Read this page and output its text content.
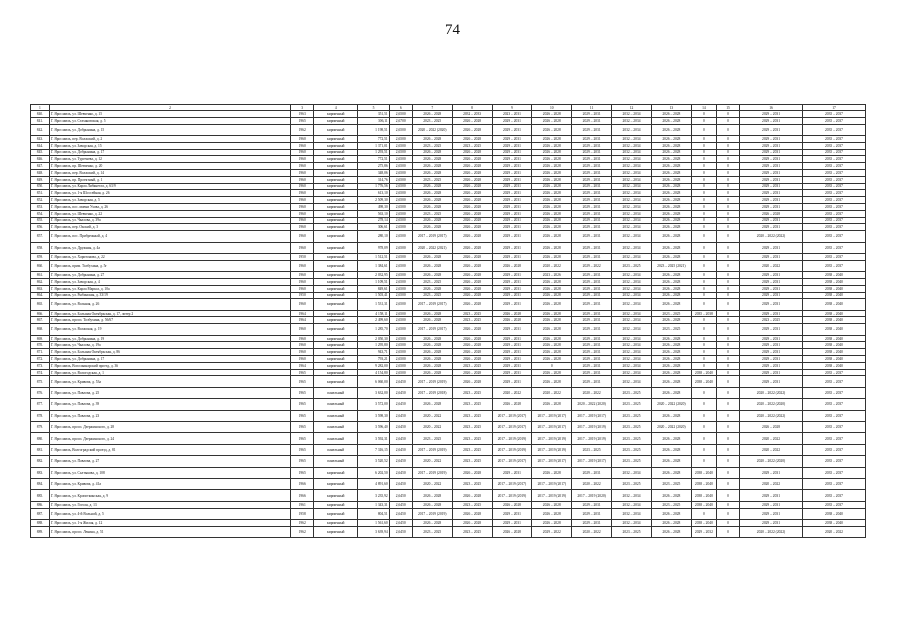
74
1	2	3	4	5	6	7	8	9	10	11	12	13	14	15	16	17
840.	Г. Ярославль, ул. Шевченко, д. 15	1963	кирпичный	351,51	2,6500	2026 – 2028	2032 – 2033	2023 – 2031	2026 – 2028	2029 – 2031	2032 – 2034	2026 – 2028	0	0	2029 – 2031	2035 – 2037
841.	Г. Ярославль, ул. Стахановская, д. 5	1965	кирпичный	306,11	2,6700	2023 – 2025	2026 – 2028	2029 – 2031	2026 – 2028	2029 – 2031	2032 – 2034	2026 – 2028	0	0	2029 – 2031	2035 – 2037
842.	Г. Ярославль, ул. Добрынина, д. 15	1962	кирпичный	1 198,51	2,6500	2020 – 2022 (2020)	2026 – 2028	2029 – 2031	2026 – 2028	2029 – 2031	2032 – 2034	2026 – 2028	0	0	2029 – 2031	2035 – 2037
843.	Г. Ярославль, пер. Волжский, д. 2	1960	кирпичный	772,51	2,6500	2026 – 2028	2026 – 2028	2029 – 2031	2026 – 2028	2029 – 2031	2032 – 2034	2026 – 2028	0	0	2029 – 2031	2035 – 2037
844.	Г. Ярославль, ул. Заводская, д. 15	1960	кирпичный	1 371,01	2,6500	2023 – 2025	2023 – 2025	2029 – 2031	2026 – 2028	2029 – 2031	2032 – 2034	2026 – 2028	0	0	2029 – 2031	2035 – 2037
845.	Г. Ярославль, ул. Добрынина, д. 17	1960	кирпичный	1 293,51	2,6500	2026 – 2028	2026 – 2028	2029 – 2031	2026 – 2028	2029 – 2031	2032 – 2034	2026 – 2028	0	0	2029 – 2031	2035 – 2037
846.	Г. Ярославль, ул. Тургенева, д. 12	1960	кирпичный	772,51	2,6500	2026 – 2028	2026 – 2028	2029 – 2031	2026 – 2028	2029 – 2031	2032 – 2034	2026 – 2028	0	0	2029 – 2031	2035 – 2037
847.	Г. Ярославль, пр. Шевченко, д. 20	1960	кирпичный	275,86	2,6500	2026 – 2028	2026 – 2028	2029 – 2031	2026 – 2028	2029 – 2031	2032 – 2034	2026 – 2028	0	0	2029 – 2031	2035 – 2037
848.	Г. Ярославль, пер. Волжский, д. 14	1960	кирпичный	348,06	2,6500	2026 – 2028	2026 – 2028	2029 – 2031	2026 – 2028	2029 – 2031	2032 – 2034	2026 – 2028	0	0	2029 – 2031	2035 – 2037
849.	Г. Ярославль, пр. Проектный, д. 1	1960	кирпичный	314,76	2,6500	2023 – 2025	2026 – 2028	2029 – 2031	2026 – 2028	2029 – 2031	2032 – 2034	2026 – 2028	0	0	2029 – 2031	2035 – 2037
850.	Г. Ярославль, ул. Карла Либкнехта, д. 63/9	1960	кирпичный	1 776,56	2,6500	2026 – 2028	2026 – 2028	2029 – 2031	2026 – 2028	2029 – 2031	2032 – 2034	2026 – 2028	0	0	2029 – 2031	2035 – 2037
851.	Г. Ярославль, ул. 1-я Шоссейная, д. 26	1960	кирпичный	613,10	2,6500	2026 – 2028	2026 – 2028	2029 – 2031	2026 – 2028	2029 – 2031	2032 – 2034	2026 – 2028	0	0	2029 – 2031	2035 – 2037
852.	Г. Ярославль, ул. Заводская, д. 5	1960	кирпичный	2 509,30	2,6500	2026 – 2028	2026 – 2028	2029 – 2031	2026 – 2028	2029 – 2031	2032 – 2034	2026 – 2028	0	0	2029 – 2031	2035 – 2037
853.	Г. Ярославль, пос. имени Ухова, д. 26	1960	кирпичный	498,30	2,6500	2026 – 2028	2026 – 2028	2029 – 2031	2026 – 2028	2029 – 2031	2032 – 2034	2026 – 2028	0	0	2029 – 2031	2035 – 2037
854.	Г. Ярославль, ул. Шевченко, д. 22	1960	кирпичный	563,10	2,6500	2023 – 2025	2026 – 2028	2029 – 2031	2026 – 2028	2029 – 2031	2032 – 2034	2026 – 2028	0	0	2026 – 2028	2035 – 2037
855.	Г. Ярославль, ул. Чкалова, д. 39а	1960	кирпичный	278,14	2,6500	2026 – 2028	2026 – 2028	2029 – 2031	2026 – 2028	2029 – 2031	2032 – 2034	2026 – 2028	0	0	2029 – 2031	2035 – 2037
856.	Г. Ярославль, пер. Окский, д. 3	1960	кирпичный	306,61	2,6500	2026 – 2028	2026 – 2028	2029 – 2031	2026 – 2028	2029 – 2031	2032 – 2034	2026 – 2028	0	0	2029 – 2031	2035 – 2037
857.	Г. Ярославль, пос. Прибрежный, д. 4	1960	кирпичный	280,10	2,6500	2017 – 2019 (2017)	2026 – 2028	2029 – 2031	2026 – 2028	2029 – 2031	2032 – 2034	2026 – 2028	0	0	2020 – 2022 (2022)	2035 – 2037
858.	Г. Ярославль, ул. Дружная, д. 4а	1960	кирпичный	978,09	2,6500	2020 – 2022 (2021)	2026 – 2028	2029 – 2031	2026 – 2028	2029 – 2031	2032 – 2034	2026 – 2028	0	0	2029 – 2031	2035 – 2037
859.	Г. Ярославль, ул. Харитонова, д. 22	1950	кирпичный	1 512,51	2,6500	2026 – 2028	2026 – 2028	2029 – 2031	2026 – 2028	2029 – 2031	2032 – 2034	2026 – 2028	0	0	2029 – 2031	2035 – 2037
860.	Г. Ярославль, прим. Толбухина, д. 5г	1960	кирпичный	1 384,61	2,6500	2026 – 2028	2026 – 2028	2026 – 2028	2020 – 2022	2029 – 2022	2023 – 2025	2023 – 2025 (2021)	0	0	2020 – 2022	2035 – 2037
861.	Г. Ярославль, ул. Добрынина, д. 27	1960	кирпичный	2 032,95	2,6500	2026 – 2028	2026 – 2028	2029 – 2031	2023 – 2026	2029 – 2031	2032 – 2034	2026 – 2028	0	0	2029 – 2031	2038 – 2040
862.	Г. Ярославль, ул. Заводская, д. 4	1960	кирпичный	1 109,51	2,6500	2023 – 2025	2026 – 2028	2029 – 2031	2026 – 2028	2029 – 2031	2032 – 2034	2026 – 2028	0	0	2029 – 2031	2038 – 2040
863.	Г. Ярославль, ул. Карла Маркса, д. 10а	1960	кирпичный	849,61	2,6500	2026 – 2028	2026 – 2028	2029 – 2031	2026 – 2028	2029 – 2031	2032 – 2034	2026 – 2028	0	0	2029 – 2031	2038 – 2040
864.	Г. Ярославль, ул. Рыбинская, д. 33/19	1950	кирпичный	1 503,41	2,6500	2023 – 2025	2026 – 2028	2029 – 2031	2026 – 2028	2029 – 2031	2032 – 2034	2026 – 2028	0	0	2029 – 2031	2038 – 2040
865.	Г. Ярославль, ул. Вольная, д. 26	1960	кирпичный	1 531,31	2,6500	2017 – 2019 (2017)	2026 – 2028	2029 – 2031	2026 – 2028	2029 – 2031	2032 – 2034	2026 – 2028	0	0	2029 – 2031	2038 – 2040
866.	Г. Ярославль, ул. Большая Октябрьская, д. 17, литер 2	1964	кирпичный	4 158,11	2,6500	2026 – 2028	2023 – 2025	2026 – 2028	2026 – 2028	2029 – 2031	2032 – 2034	2023 – 2025	2035 – 2038	0	2029 – 2031	2038 – 2040
867.	Г. Ярославль, просп. Толбухина, д. 56/67	1964	кирпичный	2 499,60	2,6500	2026 – 2028	2023 – 2025	2026 – 2028	2026 – 2028	2029 – 2031	2032 – 2034	2026 – 2028	0	0	2023 – 2025	2038 – 2040
868.	Г. Ярославль, ул. Волжская, д. 19	1960	кирпичный	1 285,70	2,6500	2017 – 2019 (2017)	2026 – 2028	2029 – 2031	2026 – 2028	2029 – 2031	2032 – 2034	2023 – 2025	0	0	2029 – 2031	2038 – 2040
869.	Г. Ярославль, ул. Добрынина, д. 19	1960	кирпичный	2 050,30	2,6500	2026 – 2028	2026 – 2028	2029 – 2031	2026 – 2028	2029 – 2031	2032 – 2034	2026 – 2028	0	0	2029 – 2031	2038 – 2040
870.	Г. Ярославль, ул. Чкалова, д. 19а	1960	кирпичный	1 295,80	2,6500	2026 – 2028	2026 – 2028	2029 – 2031	2026 – 2028	2029 – 2031	2032 – 2034	2026 – 2028	0	0	2029 – 2031	2038 – 2040
871.	Г. Ярославль, ул. Большая Октябрьская, д. 86	1960	кирпичный	943,71	2,6500	2026 – 2028	2026 – 2028	2029 – 2031	2026 – 2028	2029 – 2031	2032 – 2034	2026 – 2028	0	0	2029 – 2031	2038 – 2040
872.	Г. Ярославль, ул. Добрынина, д. 17	1960	кирпичный	793,21	2,6500	2026 – 2028	2026 – 2028	2029 – 2031	2026 – 2028	2029 – 2031	2032 – 2034	2026 – 2028	0	0	2029 – 2031	2038 – 2040
873.	Г. Ярославль, Вспольинарский проезд, д. 36	1964	кирпичный	9 282,00	2,6500	2026 – 2028	2023 – 2025	2029 – 2031	0	2029 – 2031	2032 – 2034	2026 – 2028	0	0	2029 – 2031	2038 – 2040
874.	Г. Ярославль, ул. Вологодская, д. 1	1965	кирпичный	4 154,80	2,6500	2026 – 2028	2026 – 2028	2029 – 2031	2026 – 2028	2029 – 2031	2032 – 2034	2026 – 2028	2038 – 2040	0	2029 – 2031	2035 – 2037
875.	Г. Ярославль, ул. Кривова, д. 53а	1965	кирпичный	6 060,00	2,6450	2017 – 2019 (2019)	2026 – 2028	2029 – 2031	2026 – 2028	2029 – 2031	2032 – 2034	2026 – 2028	2038 – 2040	0	2029 – 2031	2035 – 2037
876.	Г. Ярославль, ул. Павлова, д. 25	1965	панельный	3 632,00	2,6450	2017 – 2019 (2018)	2023 – 2025	2020 – 2022	2020 – 2022	2020 – 2022	2023 – 2025	2026 – 2028	0	0	2020 – 2022 (2022)	2035 – 2037
877.	Г. Ярославль, ул. Павлова, д. 39	1965	панельный	3 572,00	2,6450	2026 – 2028	2023 – 2025	2026 – 2028	2026 – 2028	2020 – 2022 (2020)	2023 – 2025	2020 – 2022 (2020)	0	0	2020 – 2022 (2020)	2035 – 2037
878.	Г. Ярославль, ул. Павлова, д. 23	1965	панельный	3 598,30	2,6450	2020 – 2022	2023 – 2025	2017 – 2019 (2017)	2017 – 2019 (2017)	2017 – 2019 (2017)	2023 – 2025	2026 – 2028	0	0	2020 – 2022 (2022)	2035 – 2037
879.	Г. Ярославль, просп. Дзержинского, д. 28	1965	панельный	3 596,40	2,6450	2020 – 2022	2023 – 2025	2017 – 2019 (2017)	2017 – 2019 (2017)	2017 – 2019 (2019)	2023 – 2025	2020 – 2022 (2020)	0	0	2026 – 2028	2035 – 2037
880.	Г. Ярославль, просп. Дзержинского, д. 24	1965	панельный	3 592,31	2,6450	2023 – 2025	2023 – 2025	2017 – 2019 (2019)	2017 – 2019 (2019)	2017 – 2019 (2019)	2023 – 2025	2026 – 2028	0	0	2020 – 2022	2035 – 2037
881.	Г. Ярославль, Волгоградский проезд, д. 81	1965	панельный	7 316,15	2,6450	2017 – 2019 (2019)	2023 – 2025	2017 – 2019 (2019)	2017 – 2019 (2019)	2023 – 2025	2023 – 2025	2026 – 2028	0	0	2020 – 2022	2035 – 2037
882.	Г. Ярославль, ул. Павлова, д. 27	1965	панельный	3 520,52	2,6450	2020 – 2022	2023 – 2025	2017 – 2019 (2017)	2017 – 2019 (2017)	2017 – 2019 (2017)	2023 – 2025	2026 – 2028	0	0	2020 – 2022 (2020)	2035 – 2037
883.	Г. Ярославль, ул. Салтыкова, д. 108	1965	кирпичный	6 202,50	2,6450	2017 – 2019 (2019)	2026 – 2028	2029 – 2031	2026 – 2028	2029 – 2031	2032 – 2034	2026 – 2028	2038 – 2040	0	2029 – 2031	2035 – 2037
884.	Г. Ярославль, ул. Кривова, д. 41а	1966	кирпичный	4 891,60	2,6450	2020 – 2022	2023 – 2025	2017 – 2019 (2017)	2017 – 2019 (2017)	2020 – 2022	2023 – 2025	2023 – 2025	2038 – 2040	0	2020 – 2022	2035 – 2037
885.	Г. Ярославль, ул. Кропоткинская, д. 9	1966	кирпичный	3 235,92	2,6450	2026 – 2028	2026 – 2028	2017 – 2019 (2019)	2017 – 2019 (2019)	2017 – 2019 (2020)	2032 – 2034	2026 – 2028	2038 – 2040	0	2029 – 2031	2035 – 2037
886.	Г. Ярославль, ул. Гоголя, д. 13	1961	кирпичный	1 343,31	2,6450	2026 – 2028	2023 – 2025	2026 – 2028	2026 – 2028	2029 – 2031	2032 – 2034	2023 – 2025	2038 – 2040	0	2029 – 2031	2035 – 2037
887.	Г. Ярославль, ул. 4-й Вольной, д. 5	1958	кирпичный	804,51	2,6450	2017 – 2019 (2019)	2026 – 2028	2029 – 2031	2026 – 2028	2029 – 2031	2032 – 2034	2026 – 2028	0	0	2029 – 2031	2038 – 2040
888.	Г. Ярославль, ул. 1-я Жилая, д. 12	1962	кирпичный	1 561,60	2,6450	2026 – 2028	2026 – 2028	2029 – 2031	2026 – 2028	2029 – 2031	2032 – 2034	2026 – 2028	2038 – 2040	0	2029 – 2031	2038 – 2040
889.	Г. Ярославль, просп. Ленина, д. 51	1962	кирпичный	3 639,94	2,6450	2023 – 2025	2023 – 2025	2026 – 2028	2029 – 2022	2020 – 2022	2023 – 2025	2026 – 2028	2029 – 2032	0	2020 – 2022 (2022)	2020 – 2022
